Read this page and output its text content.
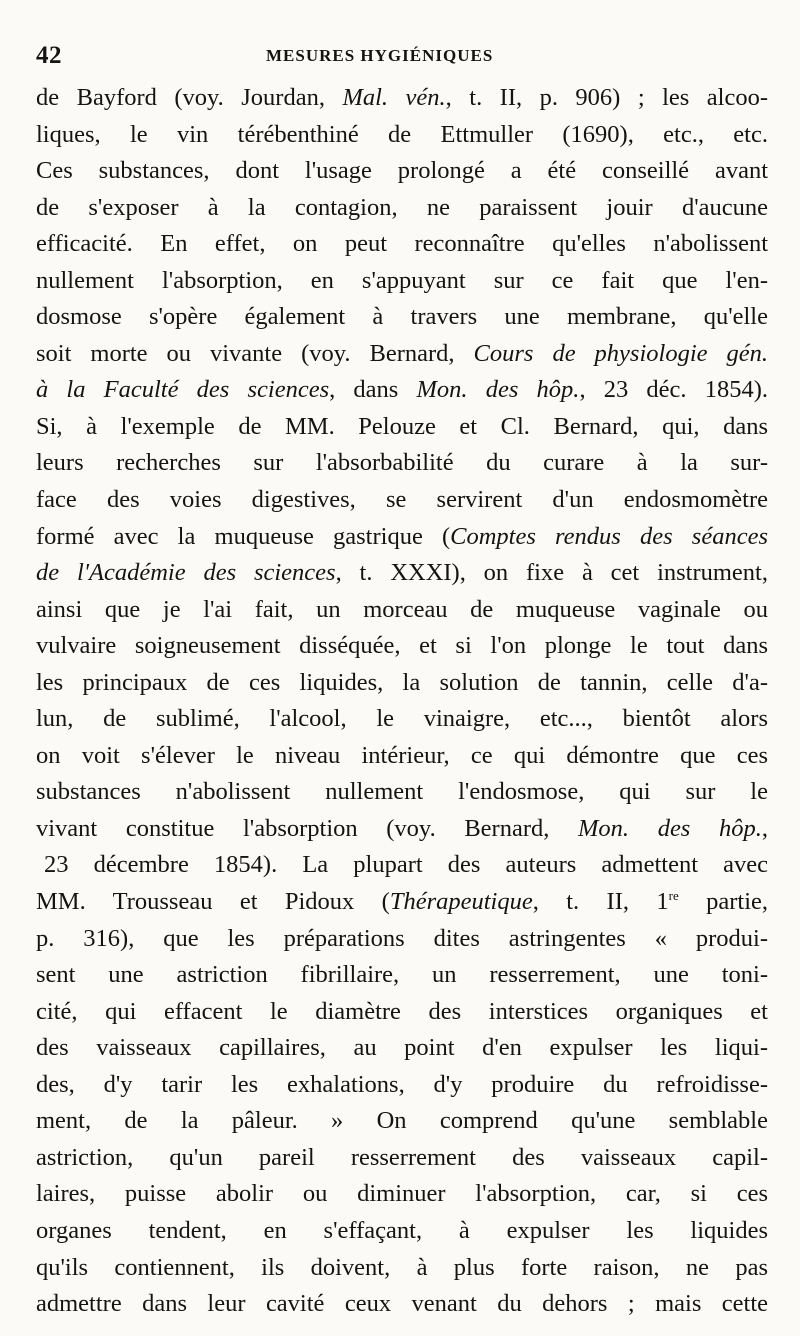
42	MESURES HYGIÉNIQUES
de Bayford (voy. Jourdan, Mal. vén., t. II, p. 906) ; les alcoo-
liques, le vin térébenthiné de Ettmuller (1690), etc., etc.
Ces substances, dont l'usage prolongé a été conseillé avant
de s'exposer à la contagion, ne paraissent jouir d'aucune
efficacité. En effet, on peut reconnaître qu'elles n'abolissent
nullement l'absorption, en s'appuyant sur ce fait que l'en-
dosmose s'opère également à travers une membrane, qu'elle
soit morte ou vivante (voy. Bernard, Cours de physiologie gén.
à la Faculté des sciences, dans Mon. des hôp., 23 déc. 1854).
Si, à l'exemple de MM. Pelouze et Cl. Bernard, qui, dans
leurs recherches sur l'absorbabilité du curare à la sur-
face des voies digestives, se servirent d'un endosmomètre
formé avec la muqueuse gastrique (Comptes rendus des séances
de l'Académie des sciences, t. XXXI), on fixe à cet instrument,
ainsi que je l'ai fait, un morceau de muqueuse vaginale ou
vulvaire soigneusement disséquée, et si l'on plonge le tout dans
les principaux de ces liquides, la solution de tannin, celle d'a-
lun, de sublimé, l'alcool, le vinaigre, etc..., bientôt alors
on voit s'élever le niveau intérieur, ce qui démontre que ces
substances n'abolissent nullement l'endosmose, qui sur le
vivant constitue l'absorption (voy. Bernard, Mon. des hôp.,
23 décembre 1854). La plupart des auteurs admettent avec
MM. Trousseau et Pidoux (Thérapeutique, t. II, 1re partie,
p. 316), que les préparations dites astringentes « produi-
sent une astriction fibrillaire, un resserrement, une toni-
cité, qui effacent le diamètre des interstices organiques et
des vaisseaux capillaires, au point d'en expulser les liqui-
des, d'y tarir les exhalations, d'y produire du refroidisse-
ment, de la pâleur. » On comprend qu'une semblable
astriction, qu'un pareil resserrement des vaisseaux capil-
laires, puisse abolir ou diminuer l'absorption, car, si ces
organes tendent, en s'effaçant, à expulser les liquides
qu'ils contiennent, ils doivent, à plus forte raison, ne pas
admettre dans leur cavité ceux venant du dehors ; mais cette
